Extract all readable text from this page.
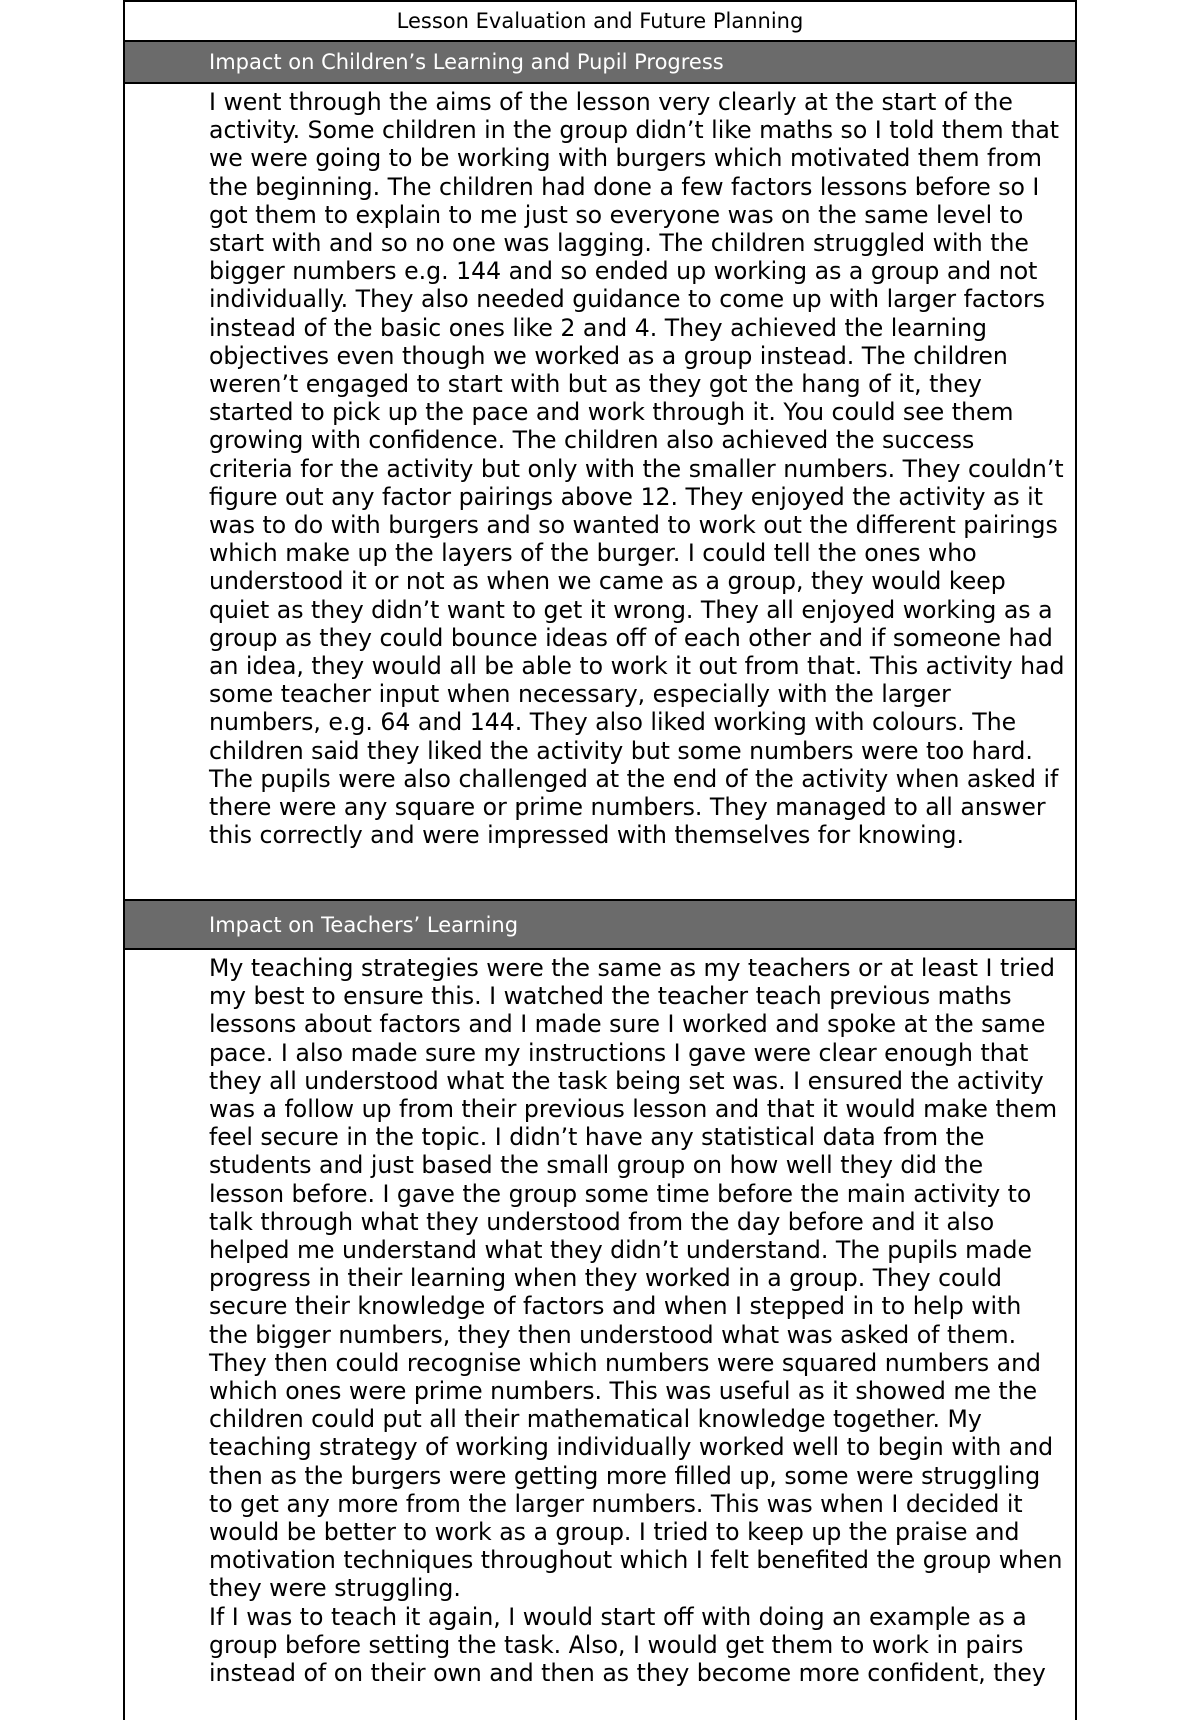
Lesson Evaluation and Future Planning
Impact on Children’s Learning and Pupil Progress

I went through the aims of the lesson very clearly at the start of the activity. Some children in the group didn’t like maths so I told them that we were going to be working with burgers which motivated them from the beginning. The children had done a few factors lessons before so I got them to explain to me just so everyone was on the same level to start with and so no one was lagging. The children struggled with the bigger numbers e.g. 144 and so ended up working as a group and not individually. They also needed guidance to come up with larger factors instead of the basic ones like 2 and 4. They achieved the learning objectives even though we worked as a group instead. The children weren’t engaged to start with but as they got the hang of it, they started to pick up the pace and work through it. You could see them growing with confidence. The children also achieved the success criteria for the activity but only with the smaller numbers. They couldn’t figure out any factor pairings above 12. They enjoyed the activity as it was to do with burgers and so wanted to work out the different pairings which make up the layers of the burger. I could tell the ones who understood it or not as when we came as a group, they would keep quiet as they didn’t want to get it wrong. They all enjoyed working as a group as they could bounce ideas off of each other and if someone had an idea, they would all be able to work it out from that. This activity had some teacher input when necessary, especially with the larger numbers, e.g. 64 and 144. They also liked working with colours. The children said they liked the activity but some numbers were too hard. The pupils were also challenged at the end of the activity when asked if there were any square or prime numbers. They managed to all answer this correctly and were impressed with themselves for knowing.

Impact on Teachers’ Learning

My teaching strategies were the same as my teachers or at least I tried my best to ensure this. I watched the teacher teach previous maths lessons about factors and I made sure I worked and spoke at the same pace. I also made sure my instructions I gave were clear enough that they all understood what the task being set was. I ensured the activity was a follow up from their previous lesson and that it would make them feel secure in the topic. I didn’t have any statistical data from the students and just based the small group on how well they did the lesson before. I gave the group some time before the main activity to talk through what they understood from the day before and it also helped me understand what they didn’t understand. The pupils made progress in their learning when they worked in a group. They could secure their knowledge of factors and when I stepped in to help with the bigger numbers, they then understood what was asked of them. They then could recognise which numbers were squared numbers and which ones were prime numbers. This was useful as it showed me the children could put all their mathematical knowledge together. My teaching strategy of working individually worked well to begin with and then as the burgers were getting more filled up, some were struggling to get any more from the larger numbers. This was when I decided it would be better to work as a group. I tried to keep up the praise and motivation techniques throughout which I felt benefited the group when they were struggling.

If I was to teach it again, I would start off with doing an example as a group before setting the task. Also, I would get them to work in pairs instead of on their own and then as they become more confident, they
